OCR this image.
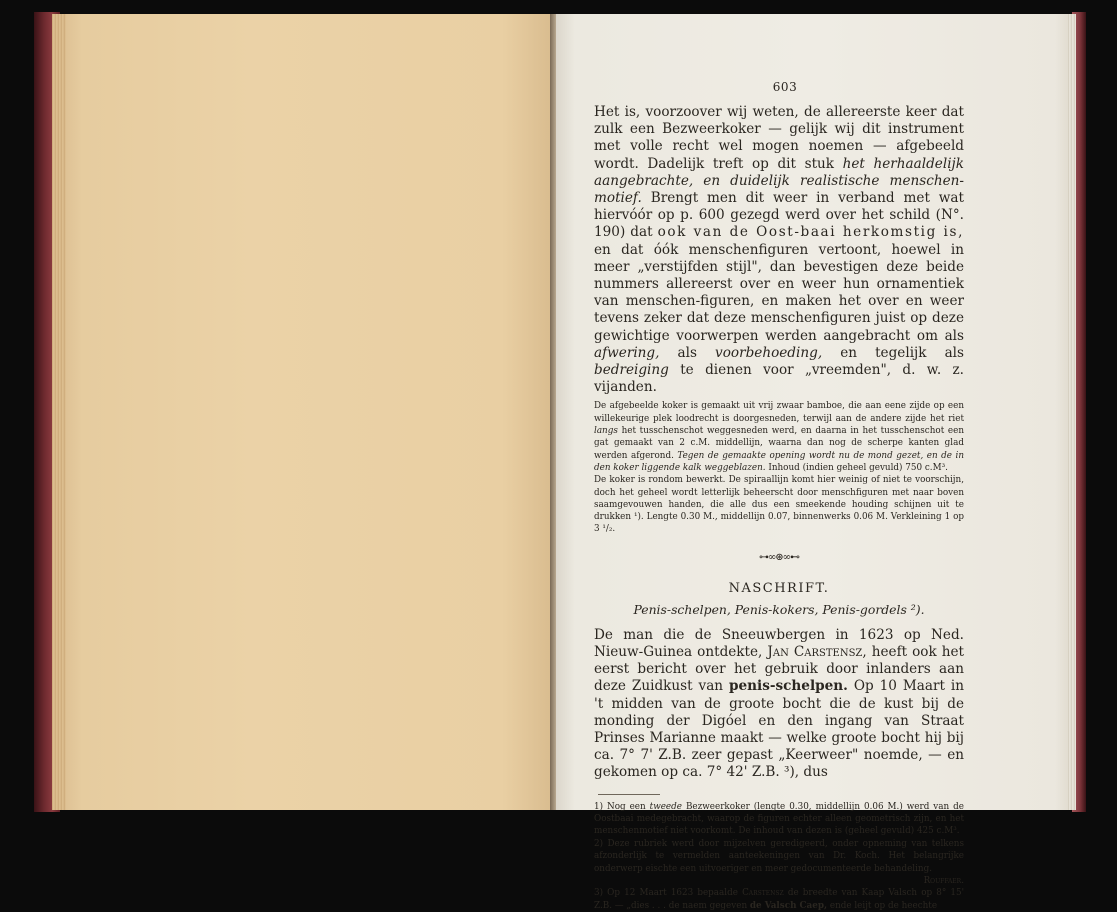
603

Het is, voorzoover wij weten, de allereerste keer dat zulk een Bezweerkoker — gelijk wij dit instrument met volle recht wel mogen noemen — afgebeeld wordt. Dadelijk treft op dit stuk het herhaaldelijk aangebrachte, en duidelijk realistische menschen-motief. Brengt men dit weer in verband met wat hiervóór op p. 600 gezegd werd over het schild (N°. 190) dat ook van de Oost-baai herkomstig is, en dat óók menschenfiguren vertoont, hoewel in meer „verstijfden stijl", dan bevestigen deze beide nummers allereerst over en weer hun ornamentiek van menschen-figuren, en maken het over en weer tevens zeker dat deze menschenfiguren juist op deze gewichtige voorwerpen werden aangebracht om als afwering, als voorbehoeding, en tegelijk als bedreiging te dienen voor „vreemden", d. w. z. vijanden.

De afgebeelde koker is gemaakt uit vrij zwaar bamboe, die aan eene zijde op een willekeurige plek loodrecht is doorgesneden, terwijl aan de andere zijde het riet langs het tusschenschot weggesneden werd, en daarna in het tusschenschot een gat gemaakt van 2 c.M. middellijn, waarna dan nog de scherpe kanten glad werden afgerond. Tegen de gemaakte opening wordt nu de mond gezet, en de in den koker liggende kalk weggeblazen. Inhoud (indien geheel gevuld) 750 c.M³.

De koker is rondom bewerkt. De spiraallijn komt hier weinig of niet te voorschijn, doch het geheel wordt letterlijk beheerscht door menschfiguren met naar boven saamgevouwen handen, die alle dus een smeekende houding schijnen uit te drukken ¹). Lengte 0.30 M., middellijn 0.07, binnenwerks 0.06 M. Verkleining 1 op 3 ¹/₂.

⊶∞⊛∞⊷
NASCHRIFT.
Penis-schelpen, Penis-kokers, Penis-gordels ²).

De man die de Sneeuwbergen in 1623 op Ned. Nieuw-Guinea ontdekte, Jan Carstensz, heeft ook het eerst bericht over het gebruik door inlanders aan deze Zuidkust van penis-schelpen. Op 10 Maart in 't midden van de groote bocht die de kust bij de monding der Digóel en den ingang van Straat Prinses Marianne maakt — welke groote bocht hij bij ca. 7° 7' Z.B. zeer gepast „Keerweer" noemde, — en gekomen op ca. 7° 42' Z.B. ³), dus

1) Nog een tweede Bezweerkoker (lengte 0.30, middellijn 0.06 M.) werd van de Oostbaai medegebracht, waarop de figuren echter alleen geometrisch zijn, en het menschenmotief niet voorkomt. De inhoud van dezen is (geheel gevuld) 425 c.M³.

2) Deze rubriek werd door mijzelven geredigeerd, onder opneming van telkens afzonderlijk te vermelden aanteekeningen van Dr. Koch. Het belangrijke onderwerp eischte een uitvoeriger en meer gedocumenteerde behandeling.
Rouffaer.

3) Op 12 Maart 1623 bepaalde Carstensz de breedte van Kaap Valsch op 8° 15' Z.B. — „dies . . . de naem gegeven de Valsch Caep, ende leijt op de heechte
